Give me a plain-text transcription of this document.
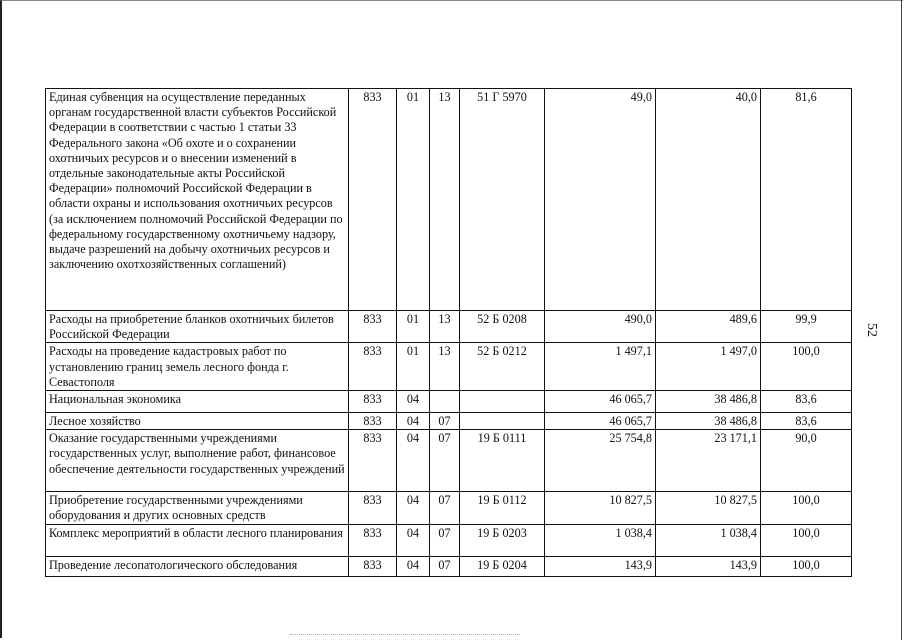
Единая субвенция на осуществление переданных органам государственной власти субъектов Российской Федерации в соответствии с частью 1 статьи 33 Федерального закона «Об охоте и о сохранении охотничьих ресурсов и о внесении изменений в отдельные законодательные акты Российской Федерации» полномочий Российской Федерации в области охраны и использования охотничьих ресурсов (за исключением полномочий Российской Федерации по федеральному государственному охотничьему надзору, выдаче разрешений на добычу охотничьих ресурсов и заключению охотхозяйственных соглашений)	833	01	13	51 Г 5970	49,0	40,0	81,6
Расходы на приобретение бланков охотничьих билетов Российской Федерации	833	01	13	52 Б 0208	490,0	489,6	99,9
Расходы на проведение кадастровых работ по установлению границ земель лесного фонда г. Севастополя	833	01	13	52 Б 0212	1 497,1	1 497,0	100,0
Национальная экономика	833	04			46 065,7	38 486,8	83,6
Лесное хозяйство	833	04	07		46 065,7	38 486,8	83,6
Оказание государственными учреждениями государственных услуг, выполнение работ, финансовое обеспечение деятельности государственных учреждений	833	04	07	19 Б 0111	25 754,8	23 171,1	90,0
Приобретение государственными учреждениями оборудования и других основных средств	833	04	07	19 Б 0112	10 827,5	10 827,5	100,0
Комплекс мероприятий в области лесного планирования	833	04	07	19 Б 0203	1 038,4	1 038,4	100,0
Проведение лесопатологического обследования	833	04	07	19 Б 0204	143,9	143,9	100,0
52
